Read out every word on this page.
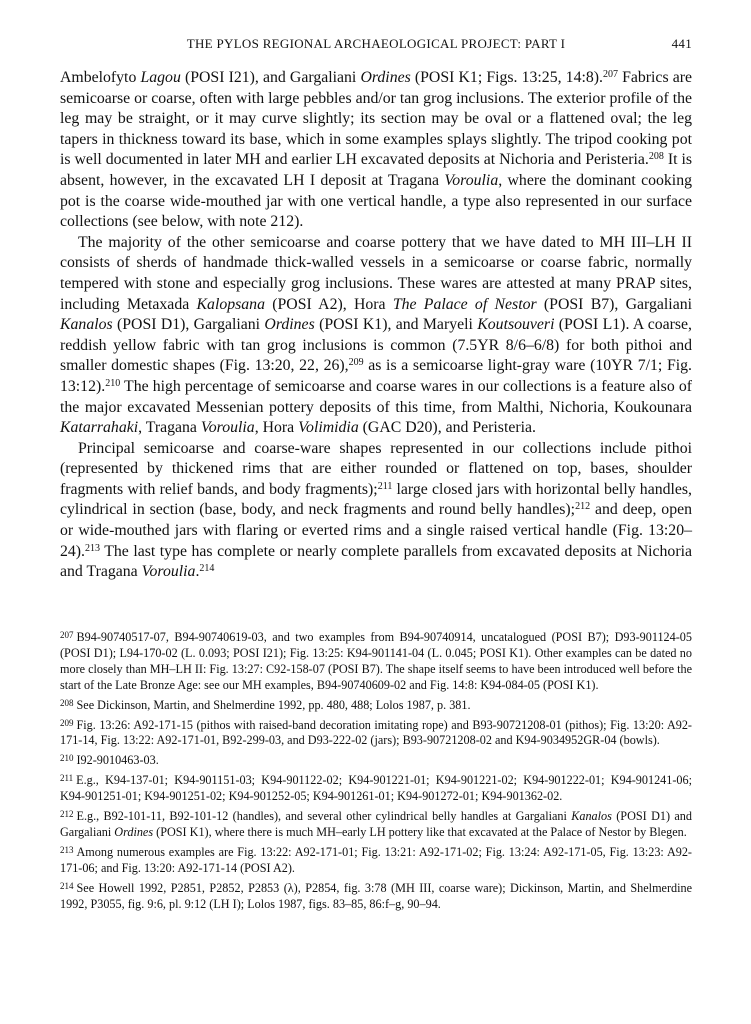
THE PYLOS REGIONAL ARCHAEOLOGICAL PROJECT: PART I	441

Ambelofyto Lagou (POSI I21), and Gargaliani Ordines (POSI K1; Figs. 13:25, 14:8).$^{207}$ Fabrics are semicoarse or coarse, often with large pebbles and/or tan grog inclusions. The exterior profile of the leg may be straight, or it may curve slightly; its section may be oval or a flattened oval; the leg tapers in thickness toward its base, which in some examples splays slightly. The tripod cooking pot is well documented in later MH and earlier LH excavated deposits at Nichoria and Peristeria.$^{208}$ It is absent, however, in the excavated LH I deposit at Tragana Voroulia, where the dominant cooking pot is the coarse wide-mouthed jar with one vertical handle, a type also represented in our surface collections (see below, with note 212).

The majority of the other semicoarse and coarse pottery that we have dated to MH III–LH II consists of sherds of handmade thick-walled vessels in a semicoarse or coarse fabric, normally tempered with stone and especially grog inclusions. These wares are attested at many PRAP sites, including Metaxada Kalopsana (POSI A2), Hora The Palace of Nestor (POSI B7), Gargaliani Kanalos (POSI D1), Gargaliani Ordines (POSI K1), and Maryeli Koutsouveri (POSI L1). A coarse, reddish yellow fabric with tan grog inclusions is common (7.5YR 8/6–6/8) for both pithoi and smaller domestic shapes (Fig. 13:20, 22, 26),$^{209}$ as is a semicoarse light-gray ware (10YR 7/1; Fig. 13:12).$^{210}$ The high percentage of semicoarse and coarse wares in our collections is a feature also of the major excavated Messenian pottery deposits of this time, from Malthi, Nichoria, Koukounara Katarrahaki, Tragana Voroulia, Hora Volimidia (GAC D20), and Peristeria.

Principal semicoarse and coarse-ware shapes represented in our collections include pithoi (represented by thickened rims that are either rounded or flattened on top, bases, shoulder fragments with relief bands, and body fragments);$^{211}$ large closed jars with horizontal belly handles, cylindrical in section (base, body, and neck fragments and round belly handles);$^{212}$ and deep, open or wide-mouthed jars with flaring or everted rims and a single raised vertical handle (Fig. 13:20–24).$^{213}$ The last type has complete or nearly complete parallels from excavated deposits at Nichoria and Tragana Voroulia.$^{214}$

$^{207}$ B94-90740517-07, B94-90740619-03, and two examples from B94-90740914, uncatalogued (POSI B7); D93-901124-05 (POSI D1); L94-170-02 (L. 0.093; POSI I21); Fig. 13:25: K94-901141-04 (L. 0.045; POSI K1). Other examples can be dated no more closely than MH–LH II: Fig. 13:27: C92-158-07 (POSI B7). The shape itself seems to have been introduced well before the start of the Late Bronze Age: see our MH examples, B94-90740609-02 and Fig. 14:8: K94-084-05 (POSI K1).

$^{208}$ See Dickinson, Martin, and Shelmerdine 1992, pp. 480, 488; Lolos 1987, p. 381.

$^{209}$ Fig. 13:26: A92-171-15 (pithos with raised-band decoration imitating rope) and B93-90721208-01 (pithos); Fig. 13:20: A92-171-14, Fig. 13:22: A92-171-01, B92-299-03, and D93-222-02 (jars); B93-90721208-02 and K94-9034952GR-04 (bowls).

$^{210}$ I92-9010463-03.

$^{211}$ E.g., K94-137-01; K94-901151-03; K94-901122-02; K94-901221-01; K94-901221-02; K94-901222-01; K94-901241-06; K94-901251-01; K94-901251-02; K94-901252-05; K94-901261-01; K94-901272-01; K94-901362-02.

$^{212}$ E.g., B92-101-11, B92-101-12 (handles), and several other cylindrical belly handles at Gargaliani Kanalos (POSI D1) and Gargaliani Ordines (POSI K1), where there is much MH–early LH pottery like that excavated at the Palace of Nestor by Blegen.

$^{213}$ Among numerous examples are Fig. 13:22: A92-171-01; Fig. 13:21: A92-171-02; Fig. 13:24: A92-171-05, Fig. 13:23: A92-171-06; and Fig. 13:20: A92-171-14 (POSI A2).

$^{214}$ See Howell 1992, P2851, P2852, P2853 (λ), P2854, fig. 3:78 (MH III, coarse ware); Dickinson, Martin, and Shelmerdine 1992, P3055, fig. 9:6, pl. 9:12 (LH I); Lolos 1987, figs. 83–85, 86:f–g, 90–94.
